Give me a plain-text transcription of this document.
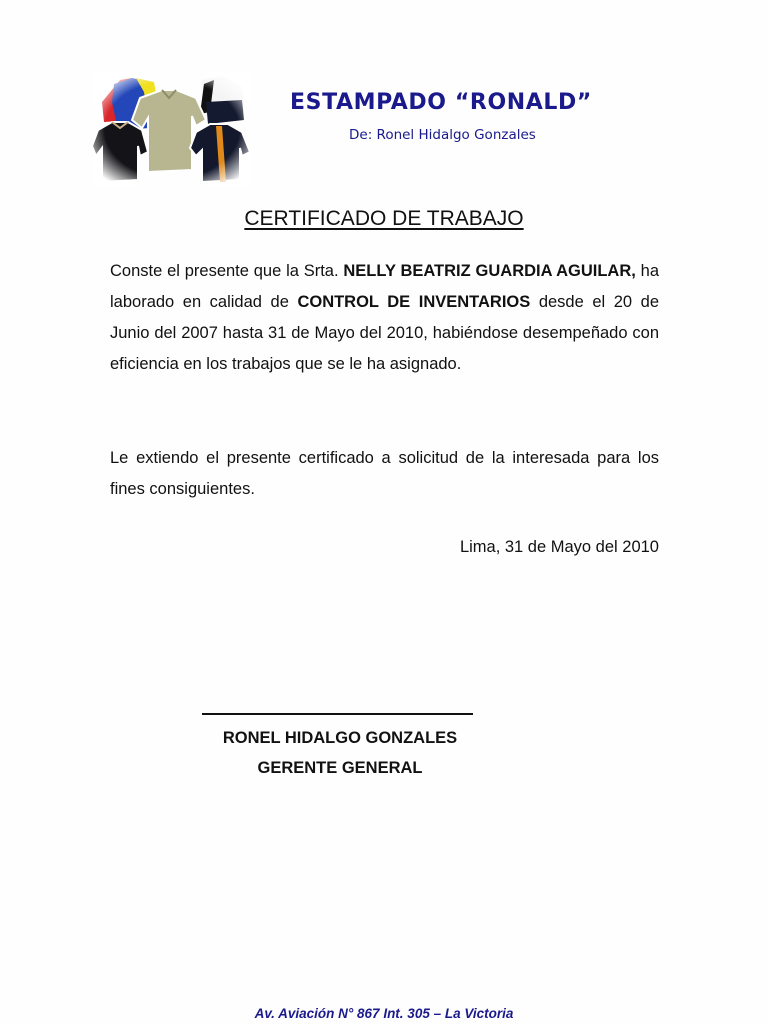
ESTAMPADO “RONALD”
De: Ronel Hidalgo Gonzales
CERTIFICADO DE TRABAJO
Conste el presente que la Srta. NELLY BEATRIZ GUARDIA AGUILAR, ha laborado en calidad de CONTROL DE INVENTARIOS desde el 20 de Junio del 2007 hasta 31 de Mayo del 2010, habiéndose desempeñado con eficiencia en los trabajos que se le ha asignado.
Le extiendo el presente certificado a solicitud de la interesada para los fines consiguientes.
Lima, 31 de Mayo del 2010
RONEL HIDALGO GONZALES
GERENTE GENERAL
Av. Aviación N° 867 Int. 305 – La Victoria
